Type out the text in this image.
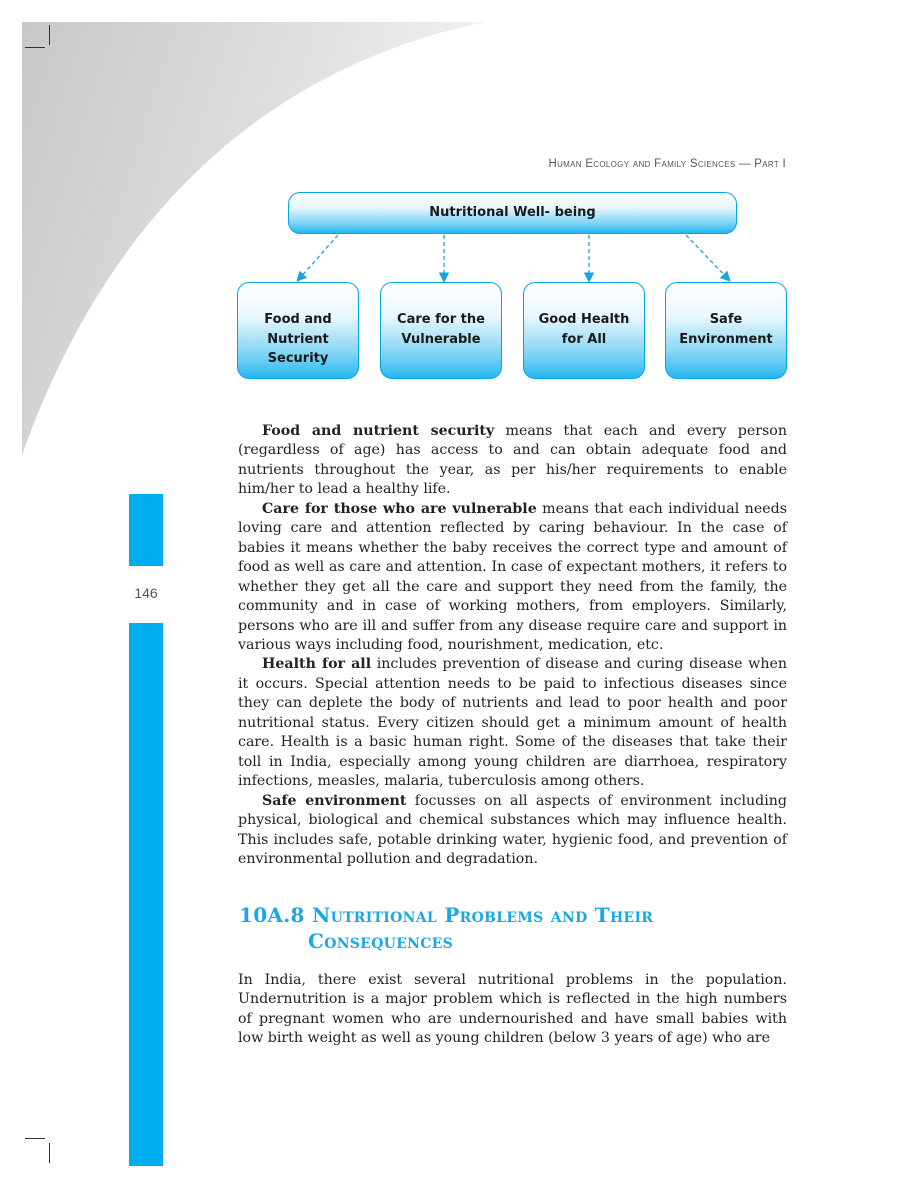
Human Ecology and Family Sciences — Part I
146
Nutritional Well- being
Food and
Nutrient
Security
Care for the
Vulnerable
Good Health
for All
Safe
Environment

Food and nutrient security means that each and every person (regardless of age) has access to and can obtain adequate food and nutrients throughout the year, as per his/her requirements to enable him/her to lead a healthy life.

Care for those who are vulnerable means that each individual needs loving care and attention reflected by caring behaviour. In the case of babies it means whether the baby receives the correct type and amount of food as well as care and attention. In case of expectant mothers, it refers to whether they get all the care and support they need from the family, the community and in case of working mothers, from employers. Similarly, persons who are ill and suffer from any disease require care and support in various ways including food, nourishment, medication, etc.

Health for all includes prevention of disease and curing disease when it occurs. Special attention needs to be paid to infectious diseases since they can deplete the body of nutrients and lead to poor health and poor nutritional status. Every citizen should get a minimum amount of health care. Health is a basic human right. Some of the diseases that take their toll in India, especially among young children are diarrhoea, respiratory infections, measles, malaria, tuberculosis among others.

Safe environment focusses on all aspects of environment including physical, biological and chemical substances which may influence health. This includes safe, potable drinking water, hygienic food, and prevention of environmental pollution and degradation.

10A.8 Nutritional Problems and Their
Consequences

In India, there exist several nutritional problems in the population. Undernutrition is a major problem which is reflected in the high numbers of pregnant women who are undernourished and have small babies with low birth weight as well as young children (below 3 years of age) who are
